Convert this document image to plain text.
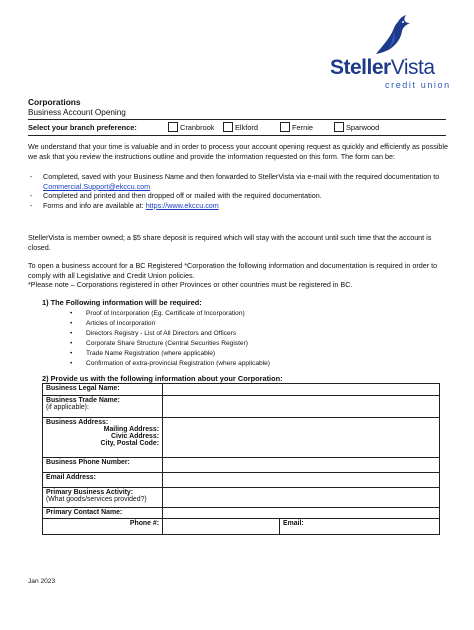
StellerVista
credit union
Corporations
Business Account Opening
Select your branch preference:	Cranbrook	Elkford	Fernie	Sparwood

We understand that your time is valuable and in order to process your account opening request as quickly and efficiently as possible we ask that you review the instructions outline and provide the information requested on this form. The form can be:

-	Completed, saved with your Business Name and then forwarded to StellerVista via e-mail with the required documentation to Commercial.Support@ekccu.com
-	Completed and printed and then dropped off or mailed with the required documentation.
-	Forms and info are available at: https://www.ekccu.com

StellerVista is member owned; a $5 share deposit is required which will stay with the account until such time that the account is closed.

To open a business account for a BC Registered *Corporation the following information and documentation is required in order to comply with all Legislative and Credit Union policies.

*Please note – Corporations registered in other Provinces or other countries must be registered in BC.

1) The Following information will be required:
•	Proof of Incorporation (Eg. Certificate of Incorporation)
•	Articles of Incorporation
•	Directors Registry - List of All Directors and Officers
•	Corporate Share Structure (Central Securities Register)
•	Trade Name Registration (where applicable)
•	Confirmation of extra-provincial Registration (where applicable)
2) Provide us with the following information about your Corporation:
Business Legal Name:		

Business Trade Name:
(if applicable):		

Business Address:
Mailing Address:
Civic Address:
City, Postal Code:		

Business Phone Number:		
Email Address:		

Primary Business Activity:
(What goods/services provided?)		

Primary Contact Name:		
Phone #:		Email:
Jan 2023
